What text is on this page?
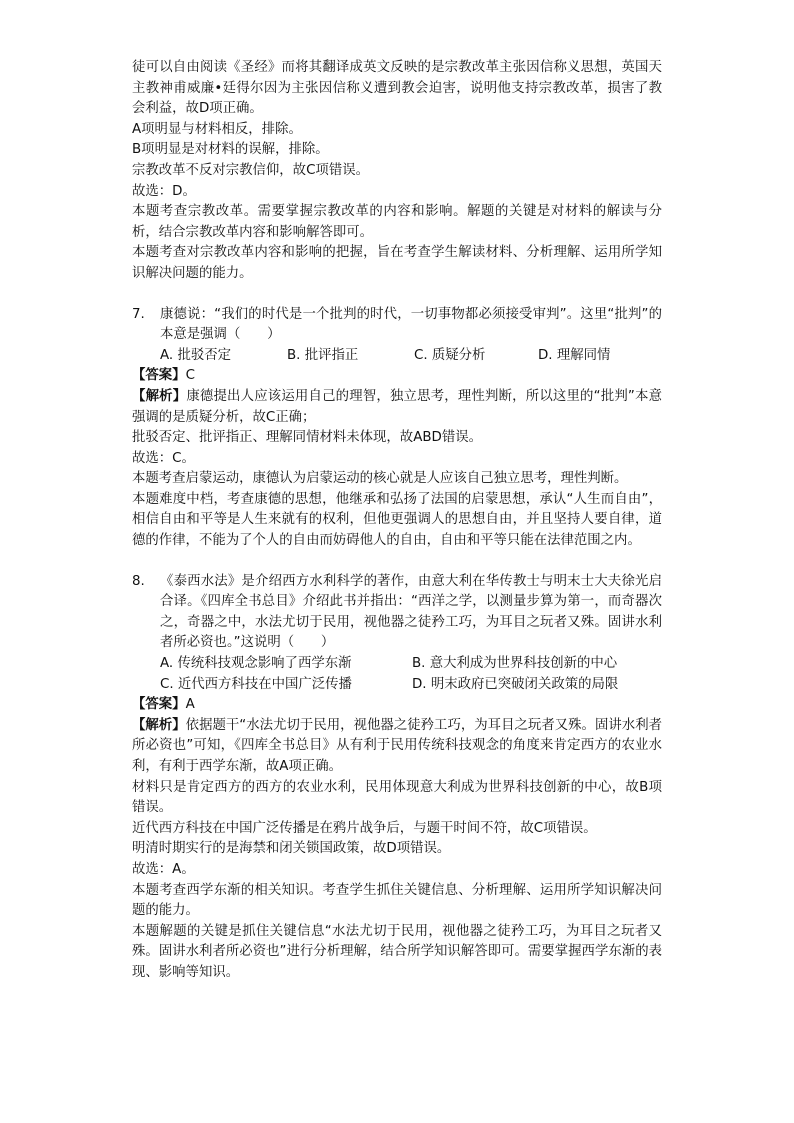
徒可以自由阅读《圣经》而将其翻译成英文反映的是宗教改革主张因信称义思想，英国天主教神甫威廉•廷得尔因为主张因信称义遭到教会迫害，说明他支持宗教改革，损害了教会利益，故D项正确。

A项明显与材料相反，排除。

B项明显是对材料的误解，排除。

宗教改革不反对宗教信仰，故C项错误。

故选：D。

本题考查宗教改革。需要掌握宗教改革的内容和影响。解题的关键是对材料的解读与分析，结合宗教改革内容和影响解答即可。

本题考查对宗教改革内容和影响的把握，旨在考查学生解读材料、分析理解、运用所学知识解决问题的能力。

7.	康德说：“我们的时代是一个批判的时代，一切事物都必须接受审判”。这里“批判”的本意是强调（　　）
A. 批驳否定	B. 批评指正	C. 质疑分析	D. 理解同情

【答案】C

【解析】康德提出人应该运用自己的理智，独立思考，理性判断，所以这里的“批判”本意强调的是质疑分析，故C正确；

批驳否定、批评指正、理解同情材料未体现，故ABD错误。

故选：C。

本题考查启蒙运动，康德认为启蒙运动的核心就是人应该自己独立思考，理性判断。

本题难度中档，考查康德的思想，他继承和弘扬了法国的启蒙思想，承认“人生而自由”，相信自由和平等是人生来就有的权利，但他更强调人的思想自由，并且坚持人要自律，道德的作律，不能为了个人的自由而妨碍他人的自由，自由和平等只能在法律范围之内。

8.	《泰西水法》是介绍西方水利科学的著作，由意大利在华传教士与明末士大夫徐光启合译。《四库全书总目》介绍此书并指出：“西洋之学，以测量步算为第一，而奇器次之，奇器之中，水法尤切于民用，视他器之徒矜工巧，为耳目之玩者又殊。固讲水利者所必资也。”这说明（　　）
A. 传统科技观念影响了西学东渐	B. 意大利成为世界科技创新的中心
C. 近代西方科技在中国广泛传播	D. 明末政府已突破闭关政策的局限

【答案】A

【解析】依据题干“水法尤切于民用，视他器之徒矜工巧，为耳目之玩者又殊。固讲水利者所必资也”可知，《四库全书总目》从有利于民用传统科技观念的角度来肯定西方的农业水利，有利于西学东渐，故A项正确。

材料只是肯定西方的西方的农业水利，民用体现意大利成为世界科技创新的中心，故B项错误。

近代西方科技在中国广泛传播是在鸦片战争后，与题干时间不符，故C项错误。

明清时期实行的是海禁和闭关锁国政策，故D项错误。

故选：A。

本题考查西学东渐的相关知识。考查学生抓住关键信息、分析理解、运用所学知识解决问题的能力。

本题解题的关键是抓住关键信息“水法尤切于民用，视他器之徒矜工巧，为耳目之玩者又殊。固讲水利者所必资也”进行分析理解，结合所学知识解答即可。需要掌握西学东渐的表现、影响等知识。
